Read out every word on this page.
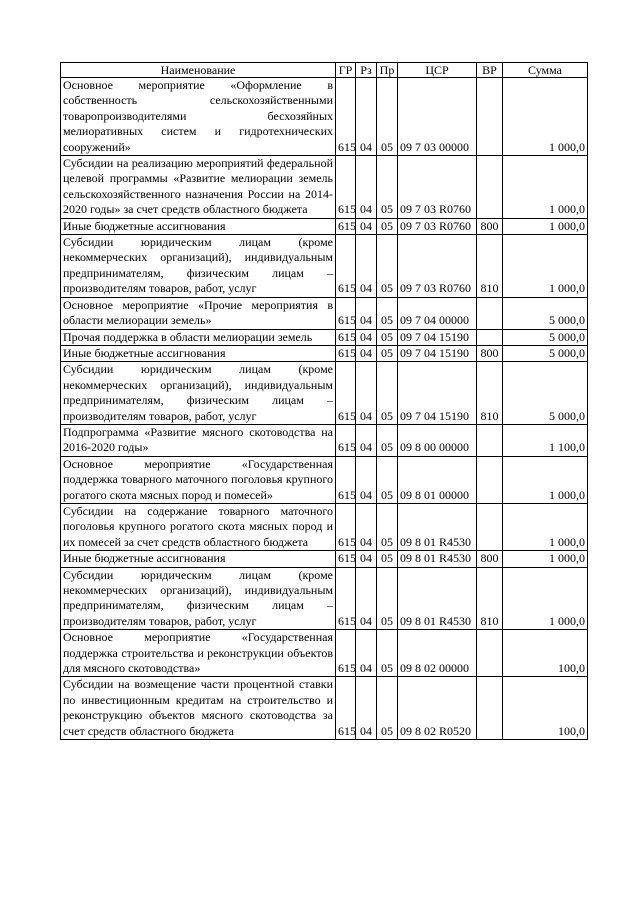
Наименование	ГР	Рз	Пр	ЦСР	ВР	Сумма
Основное мероприятие «Оформление в собственность сельскохозяйственными товаропроизводителями бесхозяйных мелиоративных систем и гидротехнических сооружений»	615	04	05	09 7 03 00000		1 000,0
Субсидии на реализацию мероприятий федеральной целевой программы «Развитие мелиорации земель сельскохозяйственного назначения России на 2014-2020 годы» за счет средств областного бюджета	615	04	05	09 7 03 R0760		1 000,0
Иные бюджетные ассигнования	615	04	05	09 7 03 R0760	800	1 000,0
Субсидии юридическим лицам (кроме некоммерческих организаций), индивидуальным предпринимателям, физическим лицам – производителям товаров, работ, услуг	615	04	05	09 7 03 R0760	810	1 000,0
Основное мероприятие «Прочие мероприятия в области мелиорации земель»	615	04	05	09 7 04 00000		5 000,0
Прочая поддержка в области мелиорации земель	615	04	05	09 7 04 15190		5 000,0
Иные бюджетные ассигнования	615	04	05	09 7 04 15190	800	5 000,0
Субсидии юридическим лицам (кроме некоммерческих организаций), индивидуальным предпринимателям, физическим лицам – производителям товаров, работ, услуг	615	04	05	09 7 04 15190	810	5 000,0
Подпрограмма «Развитие мясного скотоводства на 2016-2020 годы»	615	04	05	09 8 00 00000		1 100,0
Основное мероприятие «Государственная поддержка товарного маточного поголовья крупного рогатого скота мясных пород и помесей»	615	04	05	09 8 01 00000		1 000,0
Субсидии на содержание товарного маточного поголовья крупного рогатого скота мясных пород и их помесей за счет средств областного бюджета	615	04	05	09 8 01 R4530		1 000,0
Иные бюджетные ассигнования	615	04	05	09 8 01 R4530	800	1 000,0
Субсидии юридическим лицам (кроме некоммерческих организаций), индивидуальным предпринимателям, физическим лицам – производителям товаров, работ, услуг	615	04	05	09 8 01 R4530	810	1 000,0
Основное мероприятие «Государственная поддержка строительства и реконструкции объектов для мясного скотоводства»	615	04	05	09 8 02 00000		100,0
Субсидии на возмещение части процентной ставки по инвестиционным кредитам на строительство и реконструкцию объектов мясного скотоводства за счет средств областного бюджета	615	04	05	09 8 02 R0520		100,0
